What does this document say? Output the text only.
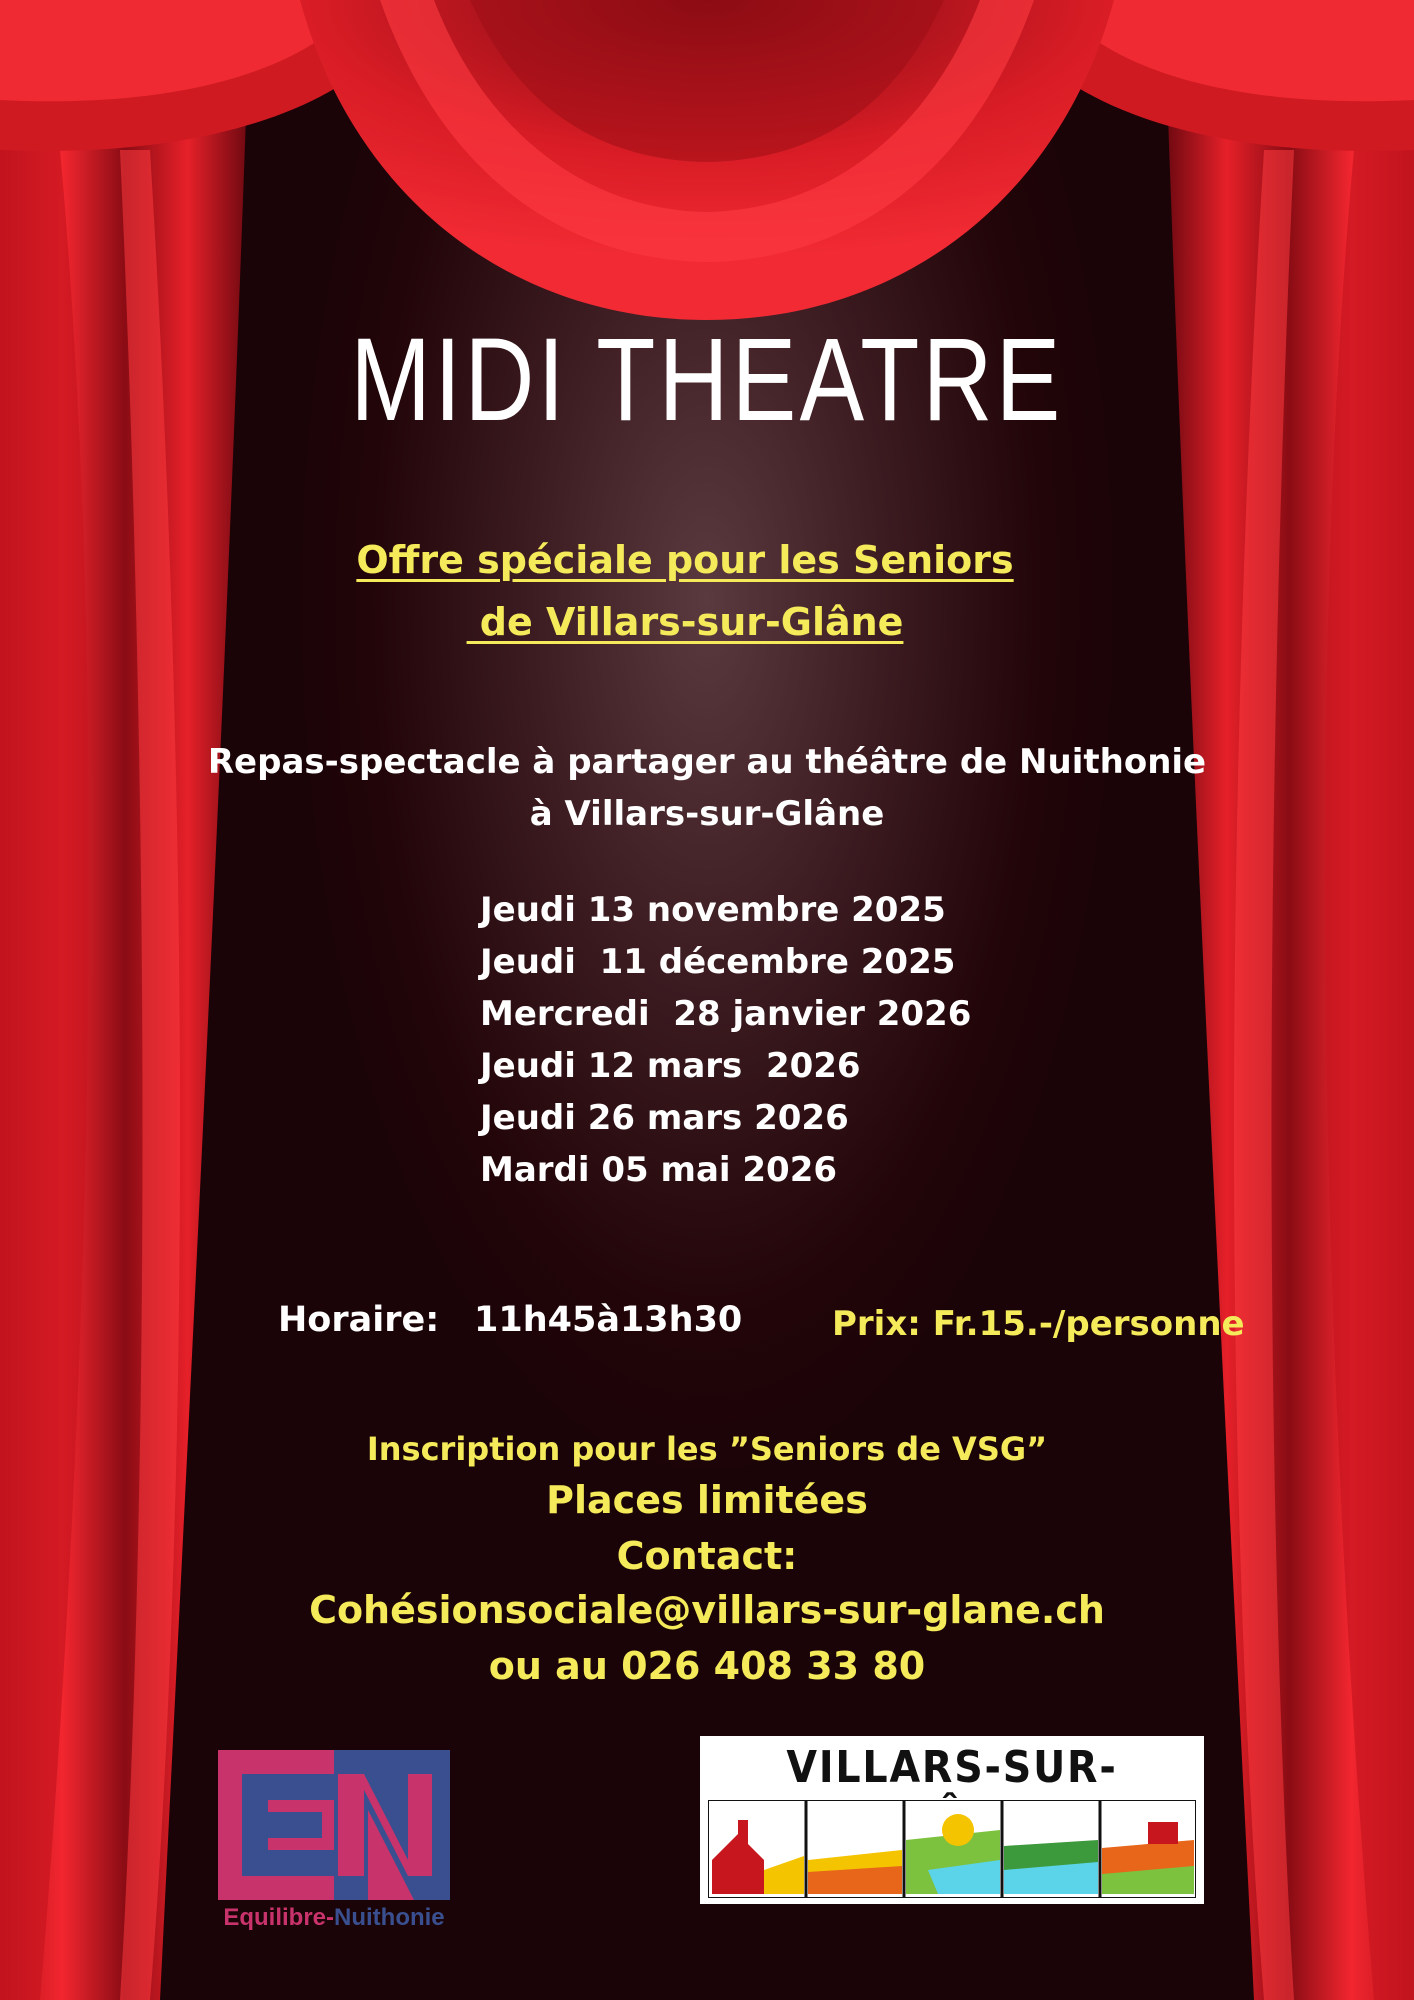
MIDI THEATRE
Offre spéciale pour les Seniors
de Villars-sur-Glâne
Repas-spectacle à partager au théâtre de Nuithonie
à Villars-sur-Glâne
Jeudi 13 novembre 2025
Jeudi  11 décembre 2025
Mercredi  28 janvier 2026
Jeudi 12 mars  2026
Jeudi 26 mars 2026
Mardi 05 mai 2026
Horaire: 11h45à13h30	Prix: Fr.15.-/personne
Inscription pour les ”Seniors de VSG”
Places limitées
Contact:
Cohésionsociale@villars-sur-glane.ch
ou au 026 408 33 80
Equilibre-Nuithonie
VILLARS-SUR-
